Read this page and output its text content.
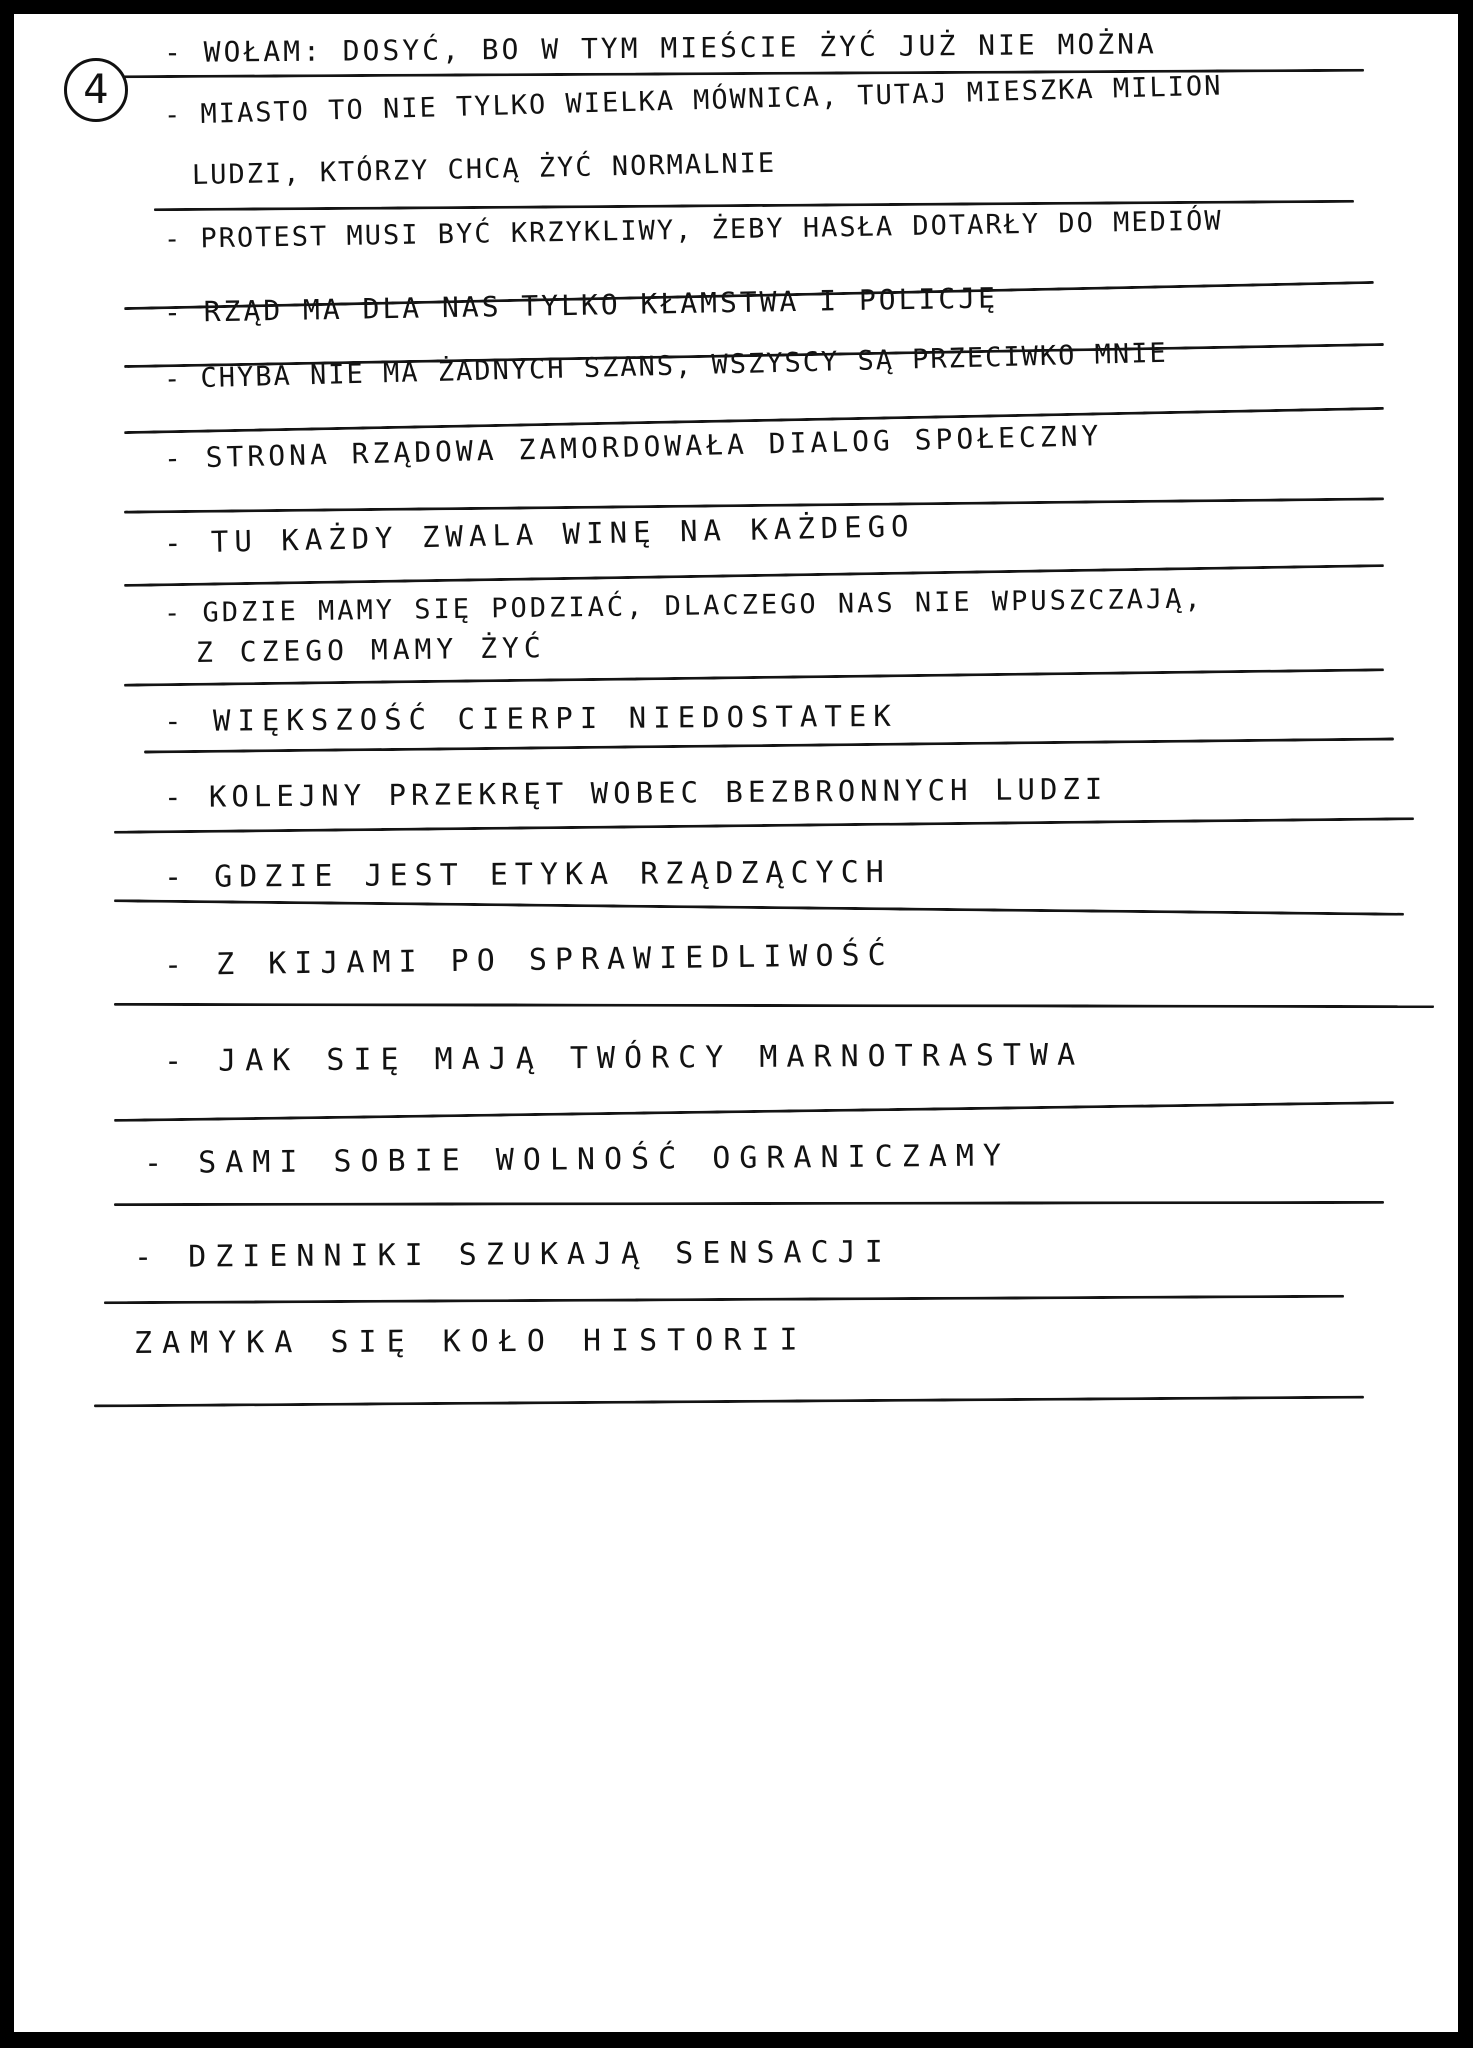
4
- WOŁAM: DOSYĆ, BO W TYM MIEŚCIE ŻYĆ JUŻ NIE MOŻNA
- MIASTO TO NIE TYLKO WIELKA MÓWNICA, TUTAJ MIESZKA MILION
LUDZI, KTÓRZY CHCĄ ŻYĆ NORMALNIE
- PROTEST MUSI BYĆ KRZYKLIWY, ŻEBY HASŁA DOTARŁY DO MEDIÓW
- RZĄD MA DLA NAS TYLKO KŁAMSTWA I POLICJĘ
- CHYBA NIE MA ŻADNYCH SZANS, WSZYSCY SĄ PRZECIWKO MNIE
- STRONA RZĄDOWA ZAMORDOWAŁA DIALOG SPOŁECZNY
- TU KAŻDY ZWALA WINĘ NA KAŻDEGO
- GDZIE MAMY SIĘ PODZIAĆ, DLACZEGO NAS NIE WPUSZCZAJĄ,
Z CZEGO MAMY ŻYĆ
- WIĘKSZOŚĆ CIERPI NIEDOSTATEK
- KOLEJNY PRZEKRĘT WOBEC BEZBRONNYCH LUDZI
- GDZIE JEST ETYKA RZĄDZĄCYCH
- Z KIJAMI PO SPRAWIEDLIWOŚĆ
- JAK SIĘ MAJĄ TWÓRCY MARNOTRASTWA
- SAMI SOBIE WOLNOŚĆ OGRANICZAMY
- DZIENNIKI SZUKAJĄ SENSACJI
ZAMYKA SIĘ KOŁO HISTORII
